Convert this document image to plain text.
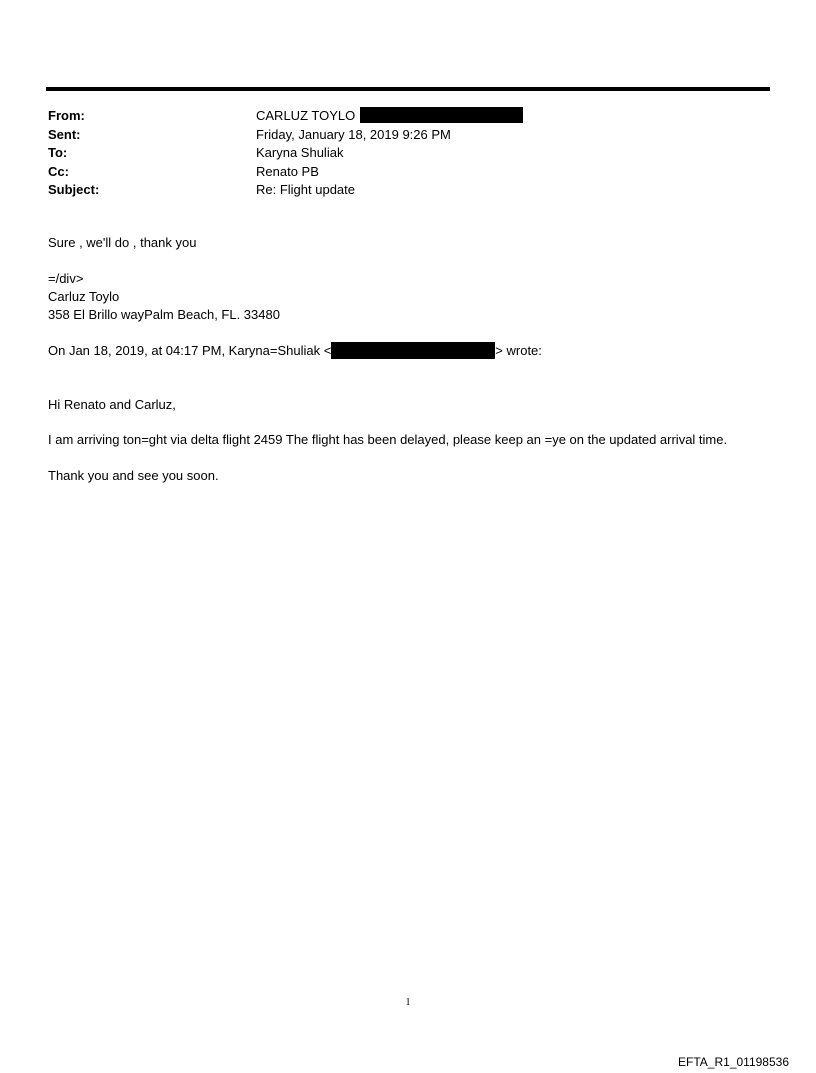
From:	CARLUZ TOYLO
Sent:	Friday, January 18, 2019 9:26 PM
To:	Karyna Shuliak
Cc:	Renato PB
Subject:	Re: Flight update
Sure , we'll do , thank you
=/div>
Carluz Toylo
358 El Brillo wayPalm Beach, FL. 33480
On Jan 18, 2019, at 04:17 PM, Karyna=Shuliak <	> wrote:
Hi Renato and Carluz,
I am arriving ton=ght via delta flight 2459 The flight has been delayed, please keep an =ye on the updated arrival time.
Thank you and see you soon.
1
EFTA_R1_01198536
